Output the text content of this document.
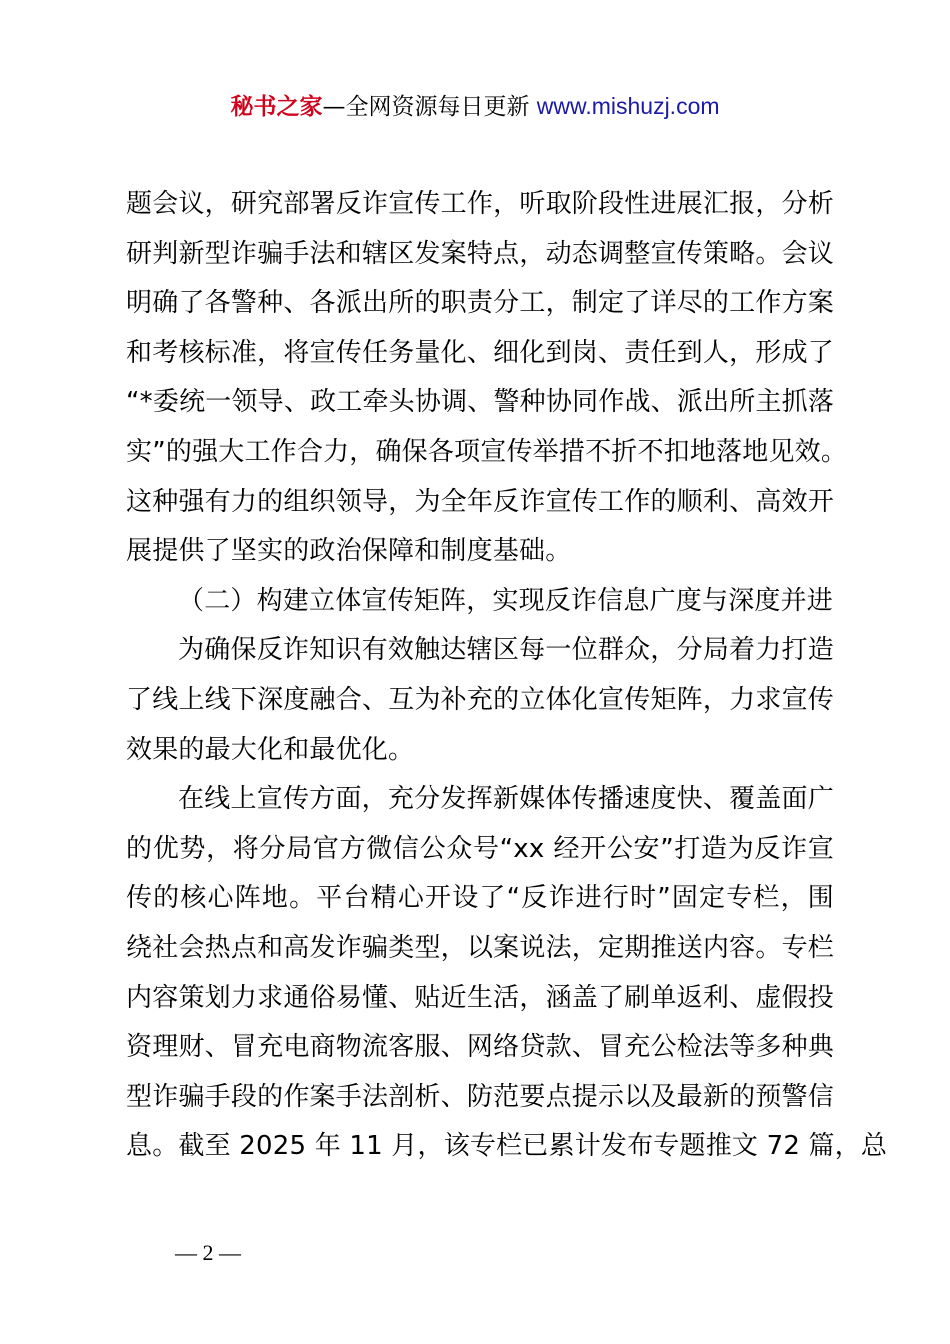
秘书之家—全网资源每日更新 www.mishuzj.com
题会议，研究部署反诈宣传工作，听取阶段性进展汇报，分析
研判新型诈骗手法和辖区发案特点，动态调整宣传策略。会议
明确了各警种、各派出所的职责分工，制定了详尽的工作方案
和考核标准，将宣传任务量化、细化到岗、责任到人，形成了
“*委统一领导、政工牵头协调、警种协同作战、派出所主抓落
实”的强大工作合力，确保各项宣传举措不折不扣地落地见效。
这种强有力的组织领导，为全年反诈宣传工作的顺利、高效开
展提供了坚实的政治保障和制度基础。
（二）构建立体宣传矩阵，实现反诈信息广度与深度并进
为确保反诈知识有效触达辖区每一位群众，分局着力打造
了线上线下深度融合、互为补充的立体化宣传矩阵，力求宣传
效果的最大化和最优化。
在线上宣传方面，充分发挥新媒体传播速度快、覆盖面广
的优势，将分局官方微信公众号“xx 经开公安”打造为反诈宣
传的核心阵地。平台精心开设了“反诈进行时”固定专栏，围
绕社会热点和高发诈骗类型，以案说法，定期推送内容。专栏
内容策划力求通俗易懂、贴近生活，涵盖了刷单返利、虚假投
资理财、冒充电商物流客服、网络贷款、冒充公检法等多种典
型诈骗手段的作案手法剖析、防范要点提示以及最新的预警信
息。截至 2025 年 11 月，该专栏已累计发布专题推文 72 篇，总
— 2 —
